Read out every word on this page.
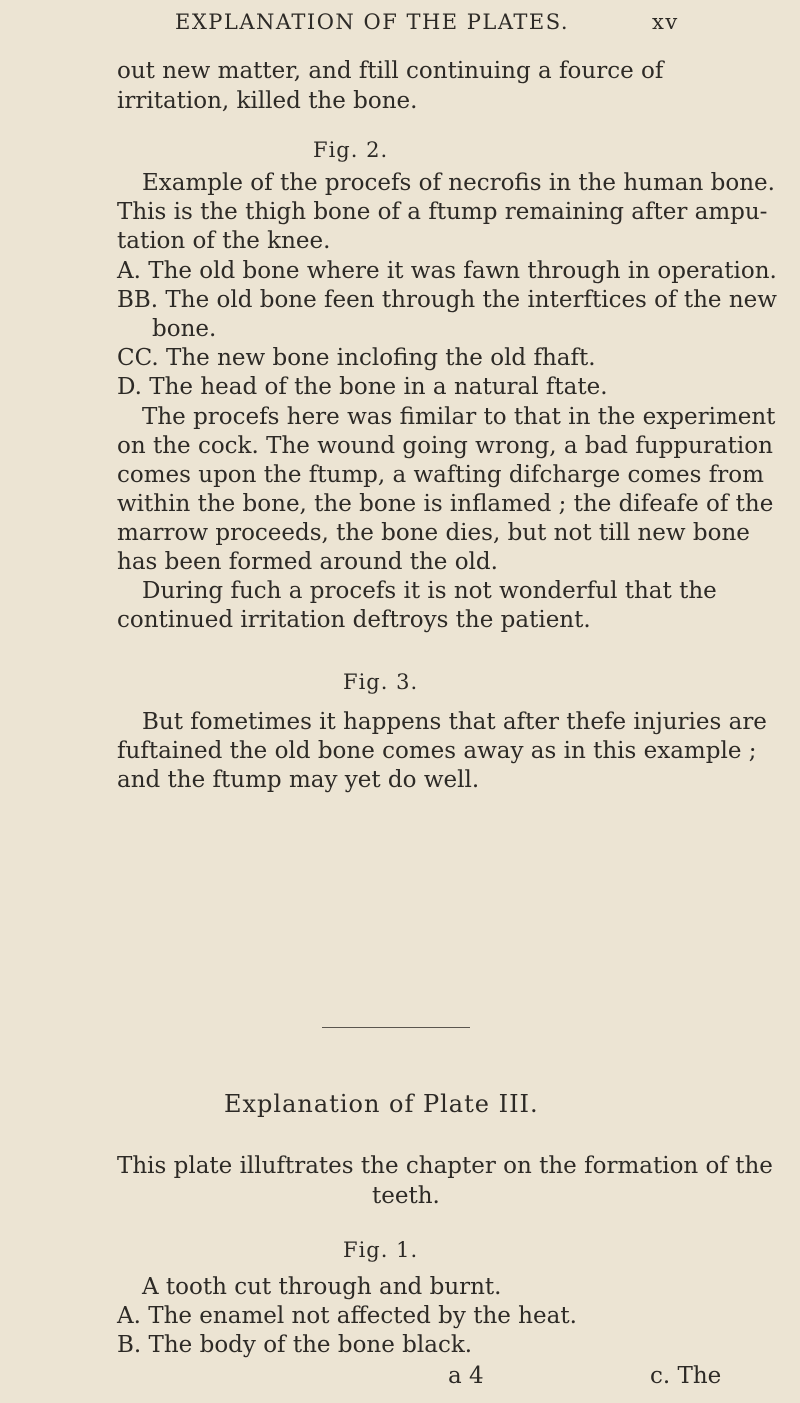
EXPLANATION OF THE PLATES.	xv
out new matter, and ftill continuing a fource of
irritation, killed the bone.
Fig. 2.
Example of the procefs of necrofis in the human bone.
This is the thigh bone of a ftump remaining after ampu-
tation of the knee.
A. The old bone where it was fawn through in operation.
BB. The old bone feen through the interftices of the new
bone.
CC. The new bone inclofing the old fhaft.
D. The head of the bone in a natural ftate.
The procefs here was fimilar to that in the experiment
on the cock. The wound going wrong, a bad fuppuration
comes upon the ftump, a wafting difcharge comes from
within the bone, the bone is inflamed ; the difeafe of the
marrow proceeds, the bone dies, but not till new bone
has been formed around the old.
During fuch a procefs it is not wonderful that the
continued irritation deftroys the patient.
Fig. 3.
But fometimes it happens that after thefe injuries are
fuftained the old bone comes away as in this example ;
and the ftump may yet do well.
Explanation of Plate III.
This plate illuftrates the chapter on the formation of the
teeth.
Fig. 1.
A tooth cut through and burnt.
A. The enamel not affected by the heat.
B. The body of the bone black.
a 4	c. The
